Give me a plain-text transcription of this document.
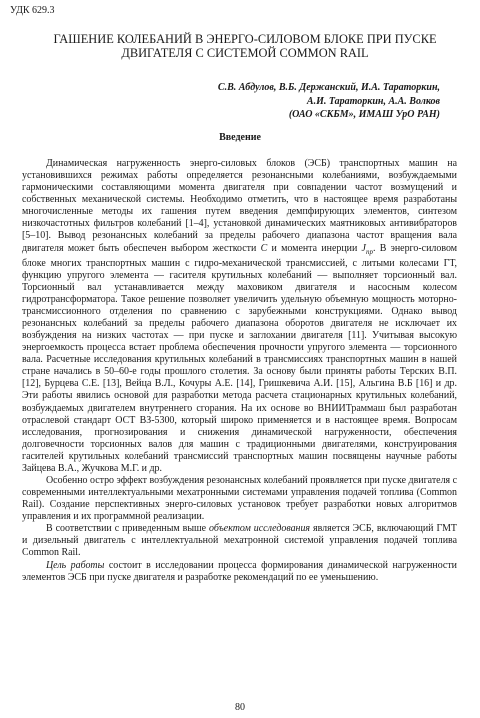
УДК 629.3
ГАШЕНИЕ КОЛЕБАНИЙ В ЭНЕРГО-СИЛОВОМ БЛОКЕ ПРИ ПУСКЕ
ДВИГАТЕЛЯ С СИСТЕМОЙ COMMON RAIL
С.В. Абдулов, В.Б. Держанский, И.А. Тараторкин,
А.И. Тараторкин, А.А. Волков
(ОАО «СКБМ», ИМАШ УрО РАН)
Введение

Динамическая нагруженность энерго-силовых блоков (ЭСБ) транспортных машин на установившихся режимах работы определяется резонансными колебаниями, возбуждаемыми гармоническими составляющими момента двигателя при совпадении частот возмущений и собственных механической системы. Необходимо отметить, что в настоящее время разработаны многочисленные методы их гашения путем введения демпфирующих элементов, синтезом низкочастотных фильтров колебаний [1–4], установкой динамических маятниковых антивибраторов [5–10]. Вывод резонансных колебаний за пределы рабочего диапазона частот вращения вала двигателя может быть обеспечен выбором жесткости С и момента инерции $J_{пр}$. В энерго-силовом блоке многих транспортных машин с гидро-механической трансмиссией, с литыми колесами ГТ, функцию упругого элемента — гасителя крутильных колебаний — выполняет торсионный вал. Торсионный вал устанавливается между маховиком двигателя и насосным колесом гидротрансформатора. Такое решение позволяет увеличить удельную объемную мощность моторно-трансмиссионного отделения по сравнению с зарубежными конструкциями. Однако вывод резонансных колебаний за пределы рабочего диапазона оборотов двигателя не исключает их возбуждения на низких частотах — при пуске и заглохании двигателя [11]. Учитывая высокую энергоемкость процесса встает проблема обеспечения прочности упругого элемента — торсионного вала. Расчетные исследования крутильных колебаний в трансмиссиях транспортных машин в нашей стране начались в 50–60-е годы прошлого столетия. За основу были приняты работы Терских В.П. [12], Бурцева С.Е. [13], Вейца В.Л., Кочуры А.Е. [14], Гришкевича А.И. [15], Альгина В.Б [16] и др. Эти работы явились основой для разработки метода расчета стационарных крутильных колебаний, возбуждаемых двигателем внутреннего сгорания. На их основе во ВНИИТраммаш был разработан отраслевой стандарт ОСТ ВЗ-5300, который широко применяется и в настоящее время. Вопросам исследования, прогнозирования и снижения динамической нагруженности, обеспечения долговечности торсионных валов для машин с традиционными двигателями, конструирования гасителей крутильных колебаний трансмиссий транспортных машин посвящены научные работы Зайцева В.А., Жучкова М.Г. и др.

Особенно остро эффект возбуждения резонансных колебаний проявляется при пуске двигателя с современными интеллектуальными мехатронными системами управления подачей топлива (Common Rail). Создание перспективных энерго-силовых установок требует разработки новых алгоритмов управления и их программной реализации.

В соответствии с приведенным выше объектом исследования является ЭСБ, включающий ГМТ и дизельный двигатель с интеллектуальной мехатронной системой управления подачей топлива Common Rail.

Цель работы состоит в исследовании процесса формирования динамической нагруженности элементов ЭСБ при пуске двигателя и разработке рекомендаций по ее уменьшению.

80
